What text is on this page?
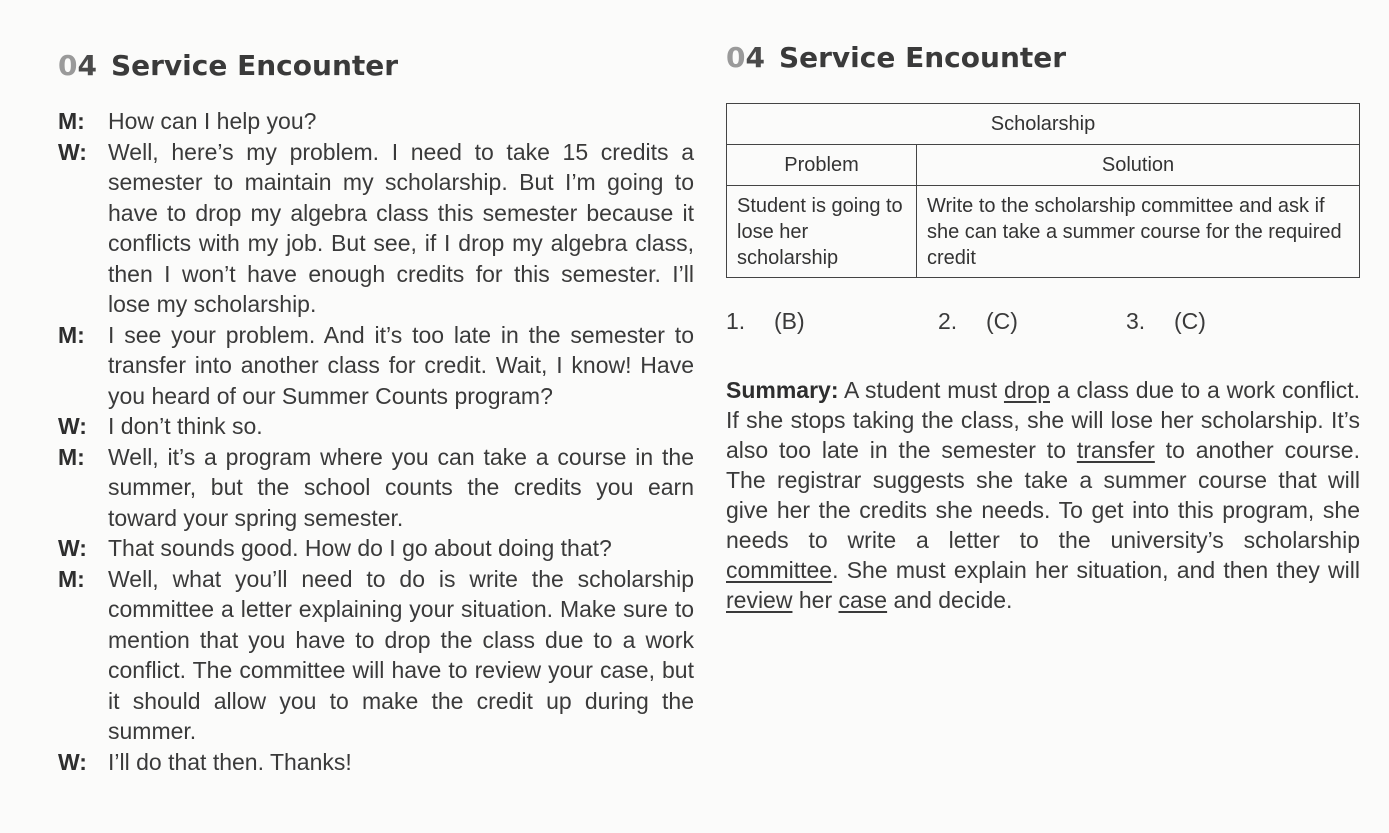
04 Service Encounter
M:	How can I help you?
W: Well, here’s my problem. I need to take 15 credits a semester to maintain my scholarship. But I’m going to have to drop my algebra class this semester because it conflicts with my job. But see, if I drop my algebra class, then I won’t have enough credits for this semester. I’ll lose my scholarship.
M:	I see your problem. And it’s too late in the semester to transfer into another class for credit. Wait, I know! Have you heard of our Summer Counts program?
W: I don’t think so.
M:	Well, it’s a program where you can take a course in the summer, but the school counts the credits you earn toward your spring semester.
W: That sounds good. How do I go about doing that?
M:	Well, what you’ll need to do is write the scholarship committee a letter explaining your situation. Make sure to mention that you have to drop the class due to a work conflict. The committee will have to review your case, but it should allow you to make the credit up during the summer.
W: I’ll do that then. Thanks!
04 Service Encounter
Scholarship	
Problem	Solution
Student is going to lose her scholarship	Write to the scholarship committee and ask if she can take a summer course for the required credit
1.	(B)	2.	(C)	3.	(C)

Summary: A student must drop a class due to a work conflict. If she stops taking the class, she will lose her scholarship. It’s also too late in the semester to transfer to another course. The registrar suggests she take a summer course that will give her the credits she needs. To get into this program, she needs to write a letter to the university’s scholarship committee. She must explain her situation, and then they will review her case and decide.
